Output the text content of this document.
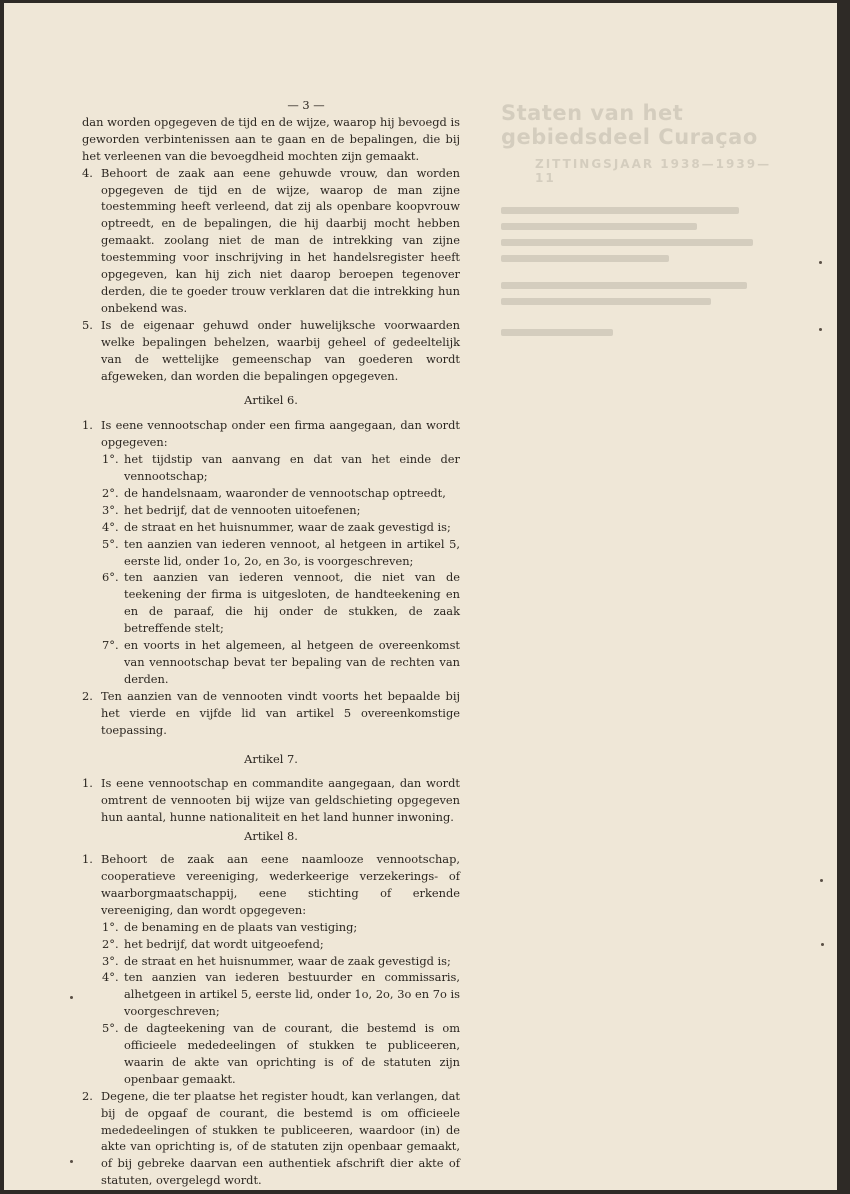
Staten van het gebiedsdeel Curaçao
ZITTINGSJAAR 1938—1939—11
— 3 —
dan worden opgegeven de tijd en de wijze, waarop hij bevoegd is geworden verbintenissen aan te gaan en de bepalingen, die bij het verleenen van die bevoegdheid mochten zijn gemaakt.
4. Behoort de zaak aan eene gehuwde vrouw, dan worden opgegeven de tijd en de wijze, waarop de man zijne toestemming heeft verleend, dat zij als openbare koopvrouw optreedt, en de bepalingen, die hij daarbij mocht hebben gemaakt. zoolang niet de man de intrekking van zijne toestemming voor inschrijving in het handelsregister heeft opgegeven, kan hij zich niet daarop beroepen tegenover derden, die te goeder trouw verklaren dat die intrekking hun onbekend was.
5. Is de eigenaar gehuwd onder huwelijksche voorwaarden welke bepalingen behelzen, waarbij geheel of gedeeltelijk van de wettelijke gemeenschap van goederen wordt afgeweken, dan worden die bepalingen opgegeven.
Artikel 6.
1. Is eene vennootschap onder een firma aangegaan, dan wordt opgegeven:
1°. het tijdstip van aanvang en dat van het einde der vennootschap;
2°. de handelsnaam, waaronder de vennootschap optreedt,
3°. het bedrijf, dat de vennooten uitoefenen;
4°. de straat en het huisnummer, waar de zaak gevestigd is;
5°. ten aanzien van iederen vennoot, al hetgeen in artikel 5, eerste lid, onder 1o, 2o, en 3o, is voorgeschreven;
6°. ten aanzien van iederen vennoot, die niet van de teekening der firma is uitgesloten, de handteekening en en de paraaf, die hij onder de stukken, de zaak betreffende stelt;
7°. en voorts in het algemeen, al hetgeen de overeenkomst van vennootschap bevat ter bepaling van de rechten van derden.
2. Ten aanzien van de vennooten vindt voorts het bepaalde bij het vierde en vijfde lid van artikel 5 overeenkomstige toepassing.
Artikel 7.
1. Is eene vennootschap en commandite aangegaan, dan wordt omtrent de vennooten bij wijze van geldschieting opgegeven hun aantal, hunne nationaliteit en het land hunner inwoning.
Artikel 8.
1. Behoort de zaak aan eene naamlooze vennootschap, cooperatieve vereeniging, wederkeerige verzekerings- of waarborgmaatschappij, eene stichting of erkende vereeniging, dan wordt opgegeven:
1°. de benaming en de plaats van vestiging;
2°. het bedrijf, dat wordt uitgeoefend;
3°. de straat en het huisnummer, waar de zaak gevestigd is;
4°. ten aanzien van iederen bestuurder en commissaris, alhetgeen in artikel 5, eerste lid, onder 1o, 2o, 3o en 7o is voorgeschreven;
5°. de dagteekening van de courant, die bestemd is om officieele mededeelingen of stukken te publiceeren, waarin de akte van oprichting is of de statuten zijn openbaar gemaakt.
2. Degene, die ter plaatse het register houdt, kan verlangen, dat bij de opgaaf de courant, die bestemd is om officieele mededeelingen of stukken te publiceeren, waardoor (in) de akte van oprichting is, of de statuten zijn openbaar gemaakt, of bij gebreke daarvan een authentiek afschrift dier akte of statuten, overgelegd wordt.
